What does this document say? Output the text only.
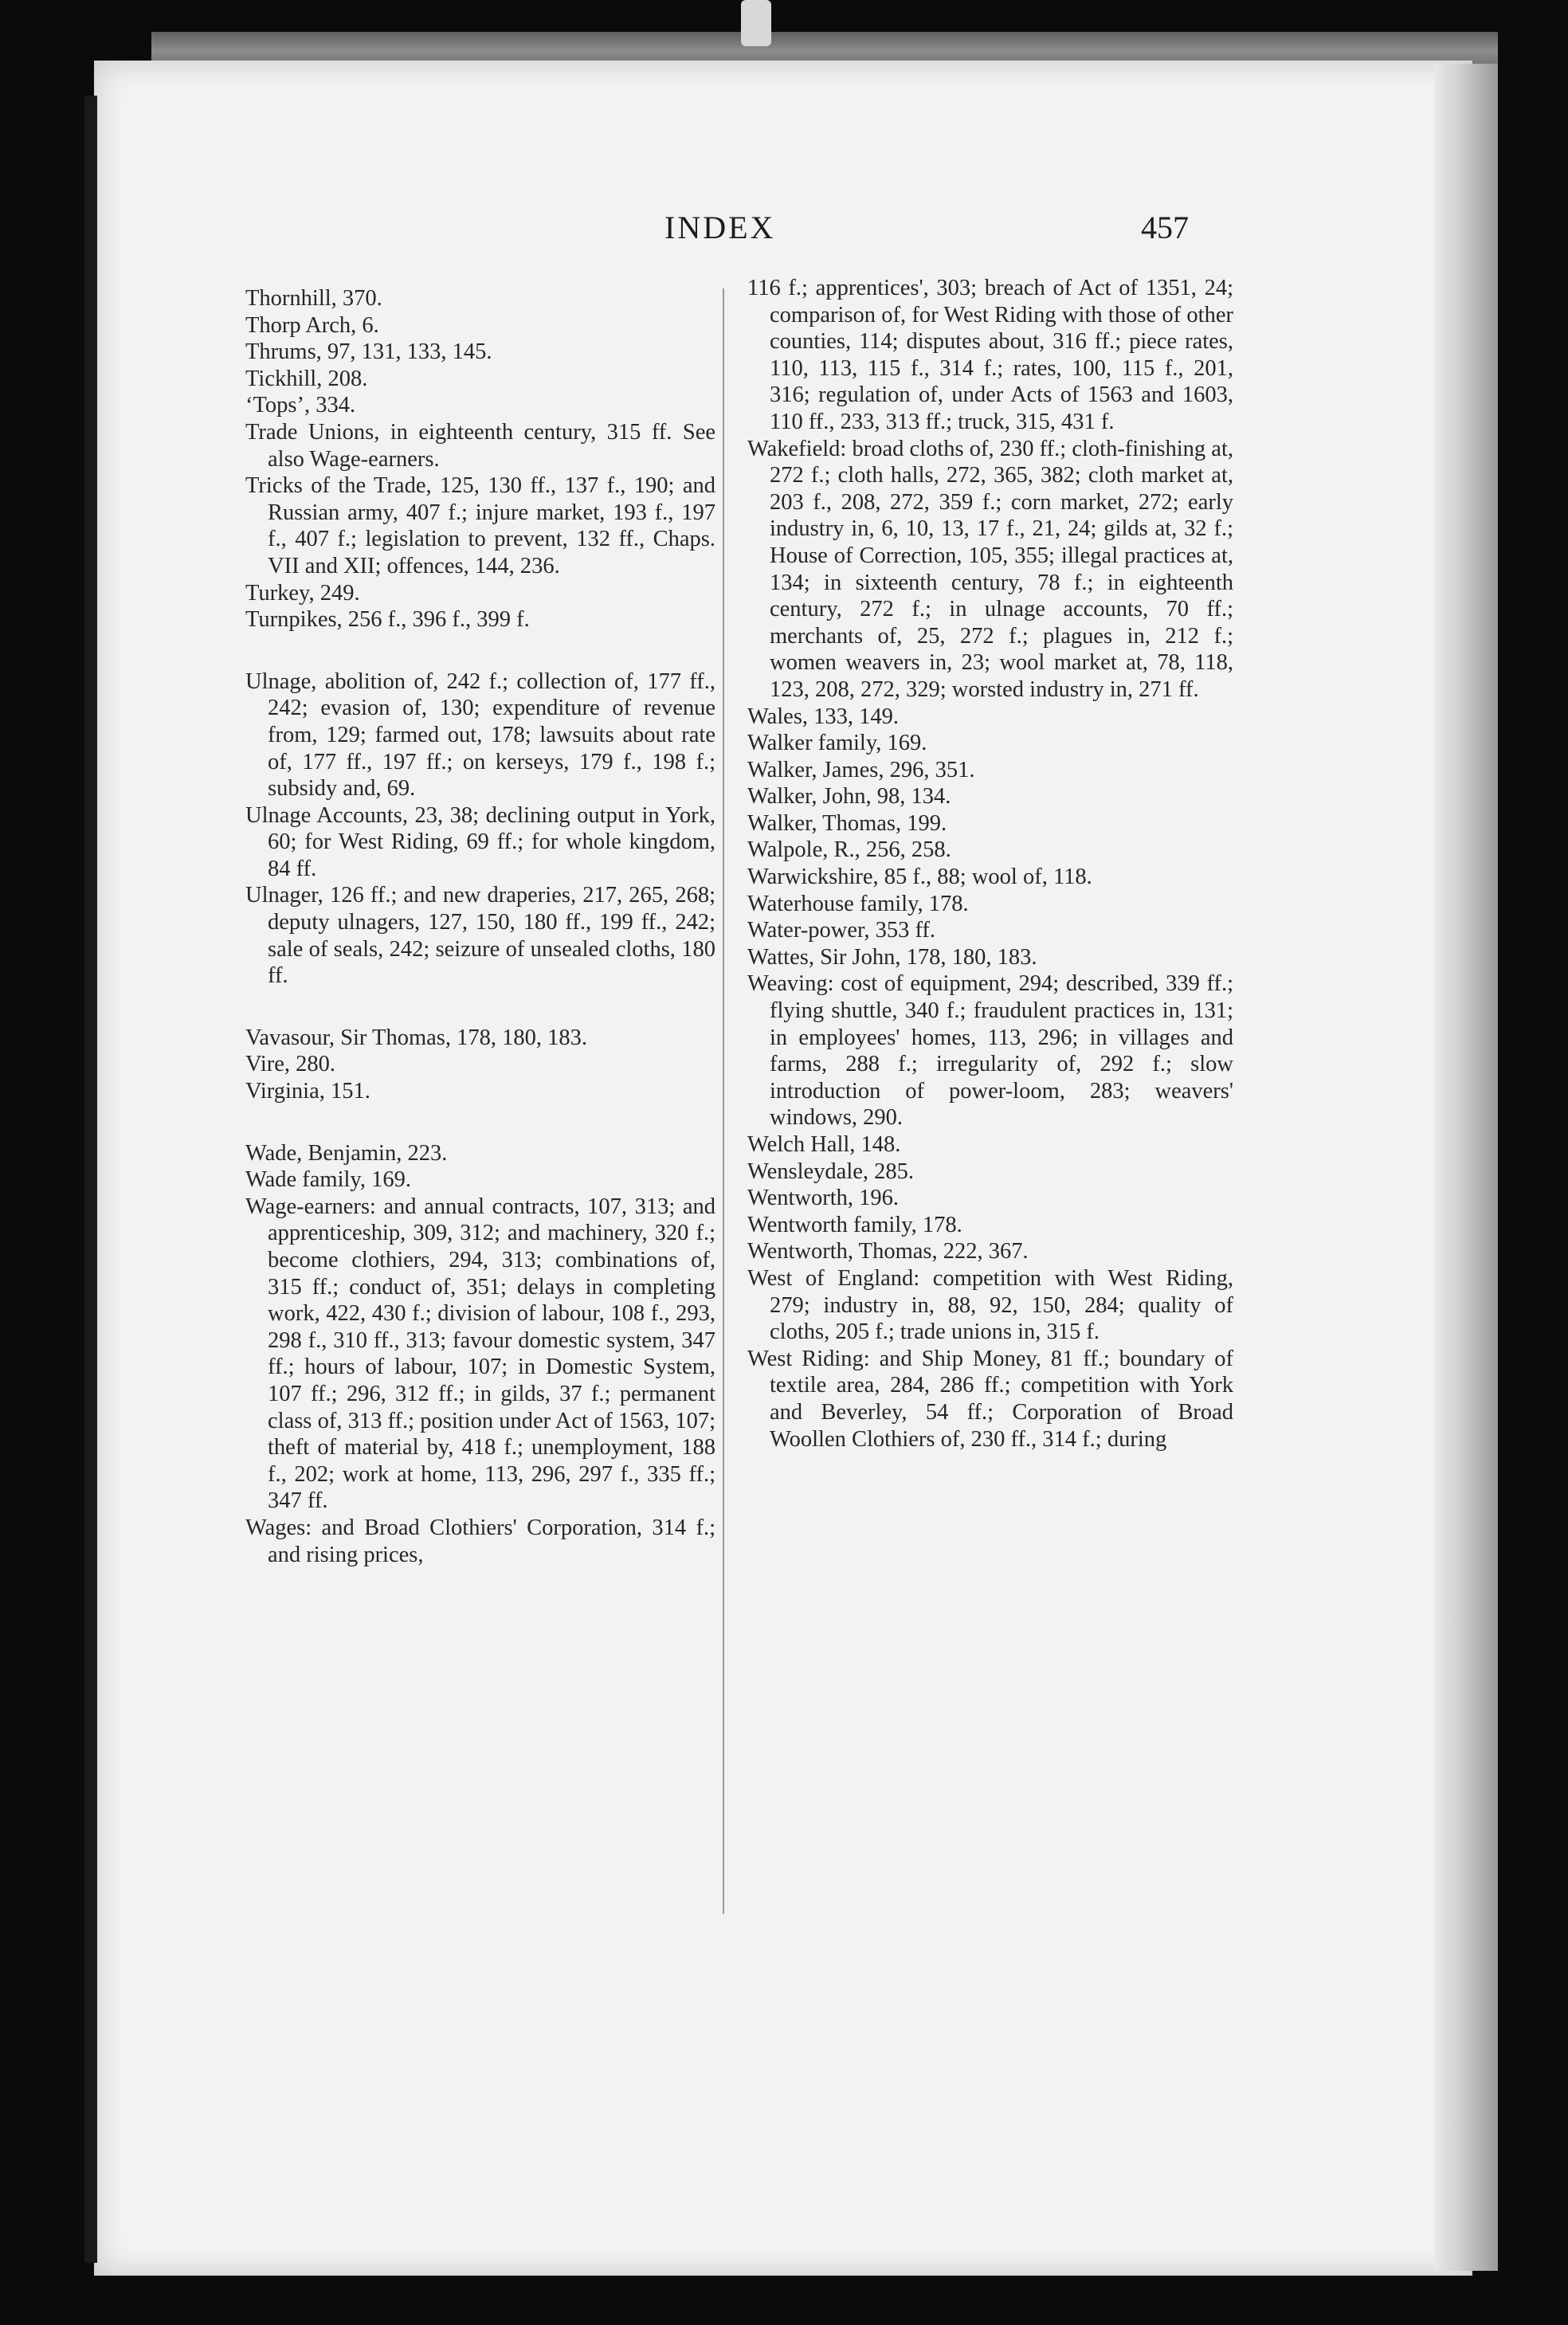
INDEX	457

Thornhill, 370.

Thorp Arch, 6.

Thrums, 97, 131, 133, 145.

Tickhill, 208.

‘Tops’, 334.

Trade Unions, in eighteenth century, 315 ff. See also Wage-earners.

Tricks of the Trade, 125, 130 ff., 137 f., 190; and Russian army, 407 f.; injure market, 193 f., 197 f., 407 f.; legislation to prevent, 132 ff., Chaps. VII and XII; offences, 144, 236.

Turkey, 249.

Turnpikes, 256 f., 396 f., 399 f.

Ulnage, abolition of, 242 f.; collection of, 177 ff., 242; evasion of, 130; expenditure of revenue from, 129; farmed out, 178; lawsuits about rate of, 177 ff., 197 ff.; on kerseys, 179 f., 198 f.; subsidy and, 69.

Ulnage Accounts, 23, 38; declining output in York, 60; for West Riding, 69 ff.; for whole kingdom, 84 ff.

Ulnager, 126 ff.; and new draperies, 217, 265, 268; deputy ulnagers, 127, 150, 180 ff., 199 ff., 242; sale of seals, 242; seizure of unsealed cloths, 180 ff.

Vavasour, Sir Thomas, 178, 180, 183.

Vire, 280.

Virginia, 151.

Wade, Benjamin, 223.

Wade family, 169.

Wage-earners: and annual contracts, 107, 313; and apprenticeship, 309, 312; and machinery, 320 f.; become clothiers, 294, 313; combinations of, 315 ff.; conduct of, 351; delays in completing work, 422, 430 f.; division of labour, 108 f., 293, 298 f., 310 ff., 313; favour domestic system, 347 ff.; hours of labour, 107; in Domestic System, 107 ff.; 296, 312 ff.; in gilds, 37 f.; permanent class of, 313 ff.; position under Act of 1563, 107; theft of material by, 418 f.; unemployment, 188 f., 202; work at home, 113, 296, 297 f., 335 ff.; 347 ff.

Wages: and Broad Clothiers' Corporation, 314 f.; and rising prices,

116 f.; apprentices', 303; breach of Act of 1351, 24; comparison of, for West Riding with those of other counties, 114; disputes about, 316 ff.; piece rates, 110, 113, 115 f., 314 f.; rates, 100, 115 f., 201, 316; regulation of, under Acts of 1563 and 1603, 110 ff., 233, 313 ff.; truck, 315, 431 f.

Wakefield: broad cloths of, 230 ff.; cloth-finishing at, 272 f.; cloth halls, 272, 365, 382; cloth market at, 203 f., 208, 272, 359 f.; corn market, 272; early industry in, 6, 10, 13, 17 f., 21, 24; gilds at, 32 f.; House of Correction, 105, 355; illegal practices at, 134; in sixteenth century, 78 f.; in eighteenth century, 272 f.; in ulnage accounts, 70 ff.; merchants of, 25, 272 f.; plagues in, 212 f.; women weavers in, 23; wool market at, 78, 118, 123, 208, 272, 329; worsted industry in, 271 ff.

Wales, 133, 149.

Walker family, 169.

Walker, James, 296, 351.

Walker, John, 98, 134.

Walker, Thomas, 199.

Walpole, R., 256, 258.

Warwickshire, 85 f., 88; wool of, 118.

Waterhouse family, 178.

Water-power, 353 ff.

Wattes, Sir John, 178, 180, 183.

Weaving: cost of equipment, 294; described, 339 ff.; flying shuttle, 340 f.; fraudulent practices in, 131; in employees' homes, 113, 296; in villages and farms, 288 f.; irregularity of, 292 f.; slow introduction of power-loom, 283; weavers' windows, 290.

Welch Hall, 148.

Wensleydale, 285.

Wentworth, 196.

Wentworth family, 178.

Wentworth, Thomas, 222, 367.

West of England: competition with West Riding, 279; industry in, 88, 92, 150, 284; quality of cloths, 205 f.; trade unions in, 315 f.

West Riding: and Ship Money, 81 ff.; boundary of textile area, 284, 286 ff.; competition with York and Beverley, 54 ff.; Corporation of Broad Woollen Clothiers of, 230 ff., 314 f.; during
